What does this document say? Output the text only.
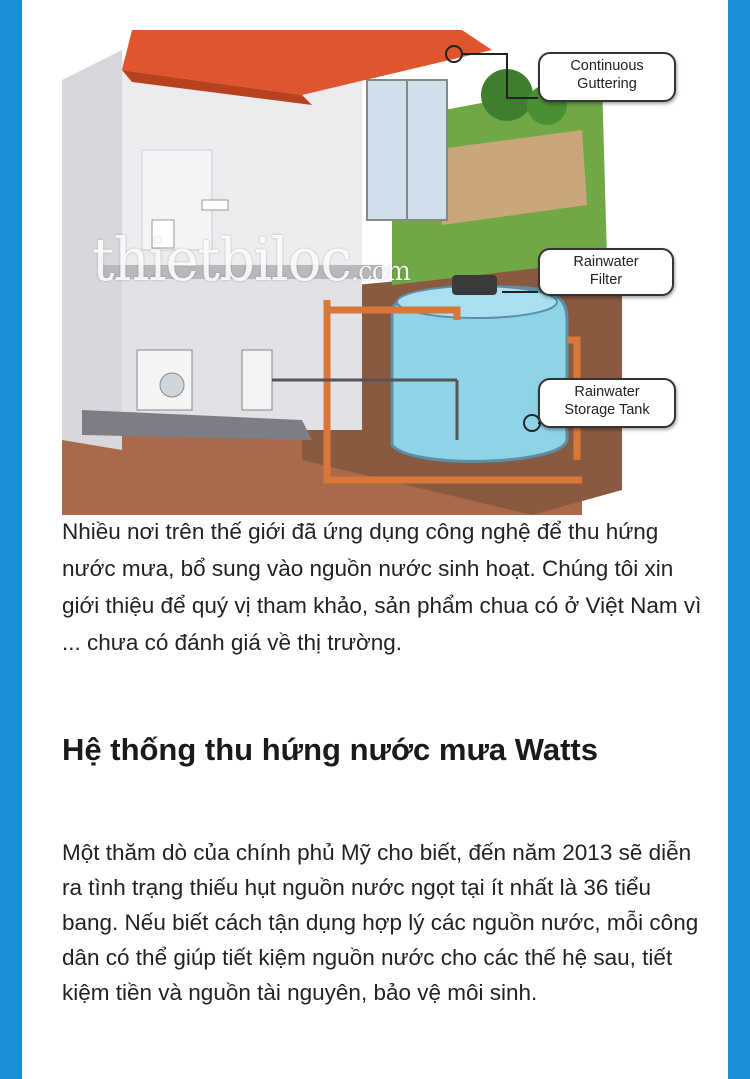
thietbiloc.com
Continuous
Guttering
Rainwater
Filter
Rainwater
Storage Tank

Nhiều nơi trên thế giới đã ứng dụng công nghệ để thu hứng nước mưa, bổ sung vào nguồn nước sinh hoạt. Chúng tôi xin giới thiệu để quý vị tham khảo, sản phẩm chua có ở Việt Nam vì ... chưa có đánh giá về thị trường.

Hệ thống thu hứng nước mưa Watts

Một thăm dò của chính phủ Mỹ cho biết, đến năm 2013 sẽ diễn ra tình trạng thiếu hụt nguồn nước ngọt tại ít nhất là 36 tiểu bang. Nếu biết cách tận dụng hợp lý các nguồn nước, mỗi công dân có thể giúp tiết kiệm nguồn nước cho các thế hệ sau, tiết kiệm tiền và nguồn tài nguyên, bảo vệ môi sinh.
